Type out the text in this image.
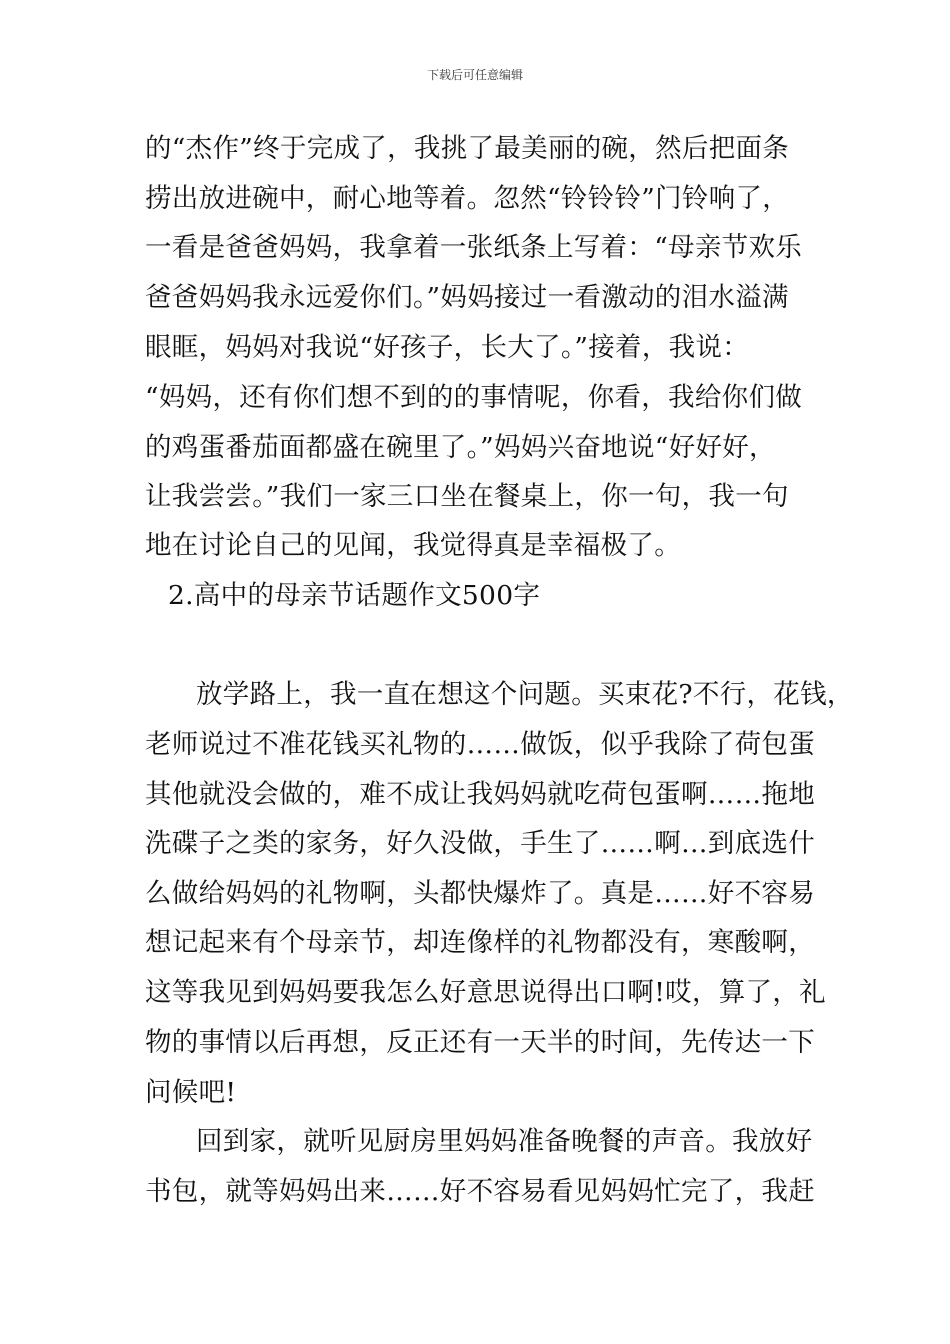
下载后可任意编辑
的“杰作”终于完成了，我挑了最美丽的碗，然后把面条
捞出放进碗中，耐心地等着。忽然“铃铃铃”门铃响了，
一看是爸爸妈妈，我拿着一张纸条上写着：“母亲节欢乐
爸爸妈妈我永远爱你们。”妈妈接过一看激动的泪水溢满
眼眶，妈妈对我说“好孩子，长大了。”接着，我说：
“妈妈，还有你们想不到的的事情呢，你看，我给你们做
的鸡蛋番茄面都盛在碗里了。”妈妈兴奋地说“好好好，
让我尝尝。”我们一家三口坐在餐桌上，你一句，我一句
地在讨论自己的见闻，我觉得真是幸福极了。
2.高中的母亲节话题作文500字
放学路上，我一直在想这个问题。买束花?不行，花钱，
老师说过不准花钱买礼物的……做饭，似乎我除了荷包蛋
其他就没会做的，难不成让我妈妈就吃荷包蛋啊……拖地
洗碟子之类的家务，好久没做，手生了……啊…到底选什
么做给妈妈的礼物啊，头都快爆炸了。真是……好不容易
想记起来有个母亲节，却连像样的礼物都没有，寒酸啊，
这等我见到妈妈要我怎么好意思说得出口啊!哎，算了，礼
物的事情以后再想，反正还有一天半的时间，先传达一下
问候吧!
回到家，就听见厨房里妈妈准备晚餐的声音。我放好
书包，就等妈妈出来……好不容易看见妈妈忙完了，我赶
